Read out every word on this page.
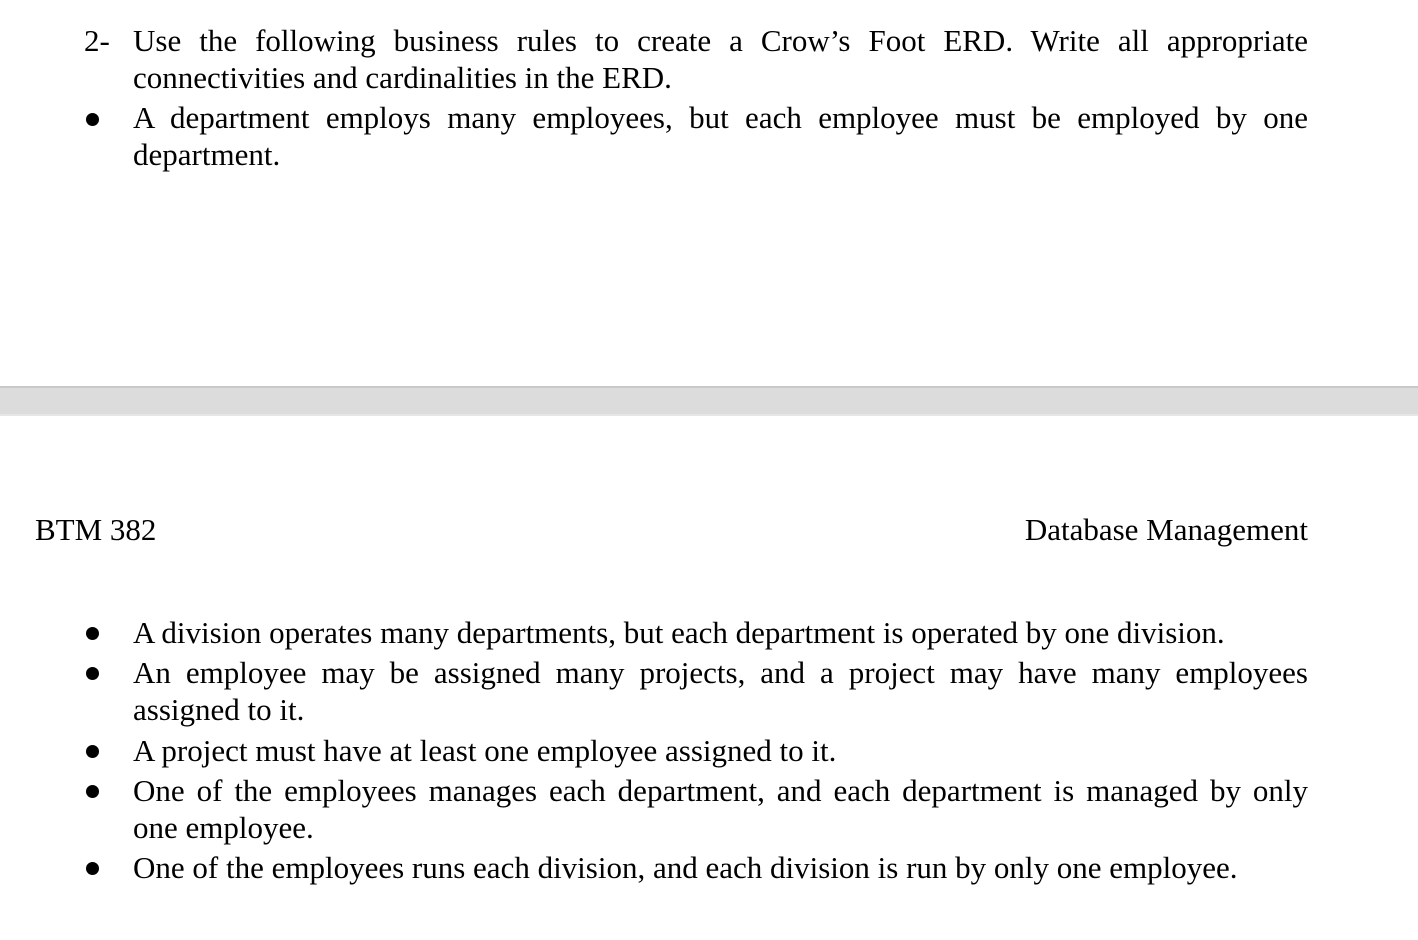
2- Use the following business rules to create a Crow’s Foot ERD. Write all appropriate
connectivities and cardinalities in the ERD.
A department employs many employees, but each employee must be employed by one
department.
BTM 382	Database Management
A division operates many departments, but each department is operated by one division.
An employee may be assigned many projects, and a project may have many employees
assigned to it.
A project must have at least one employee assigned to it.
One of the employees manages each department, and each department is managed by only
one employee.
One of the employees runs each division, and each division is run by only one employee.
